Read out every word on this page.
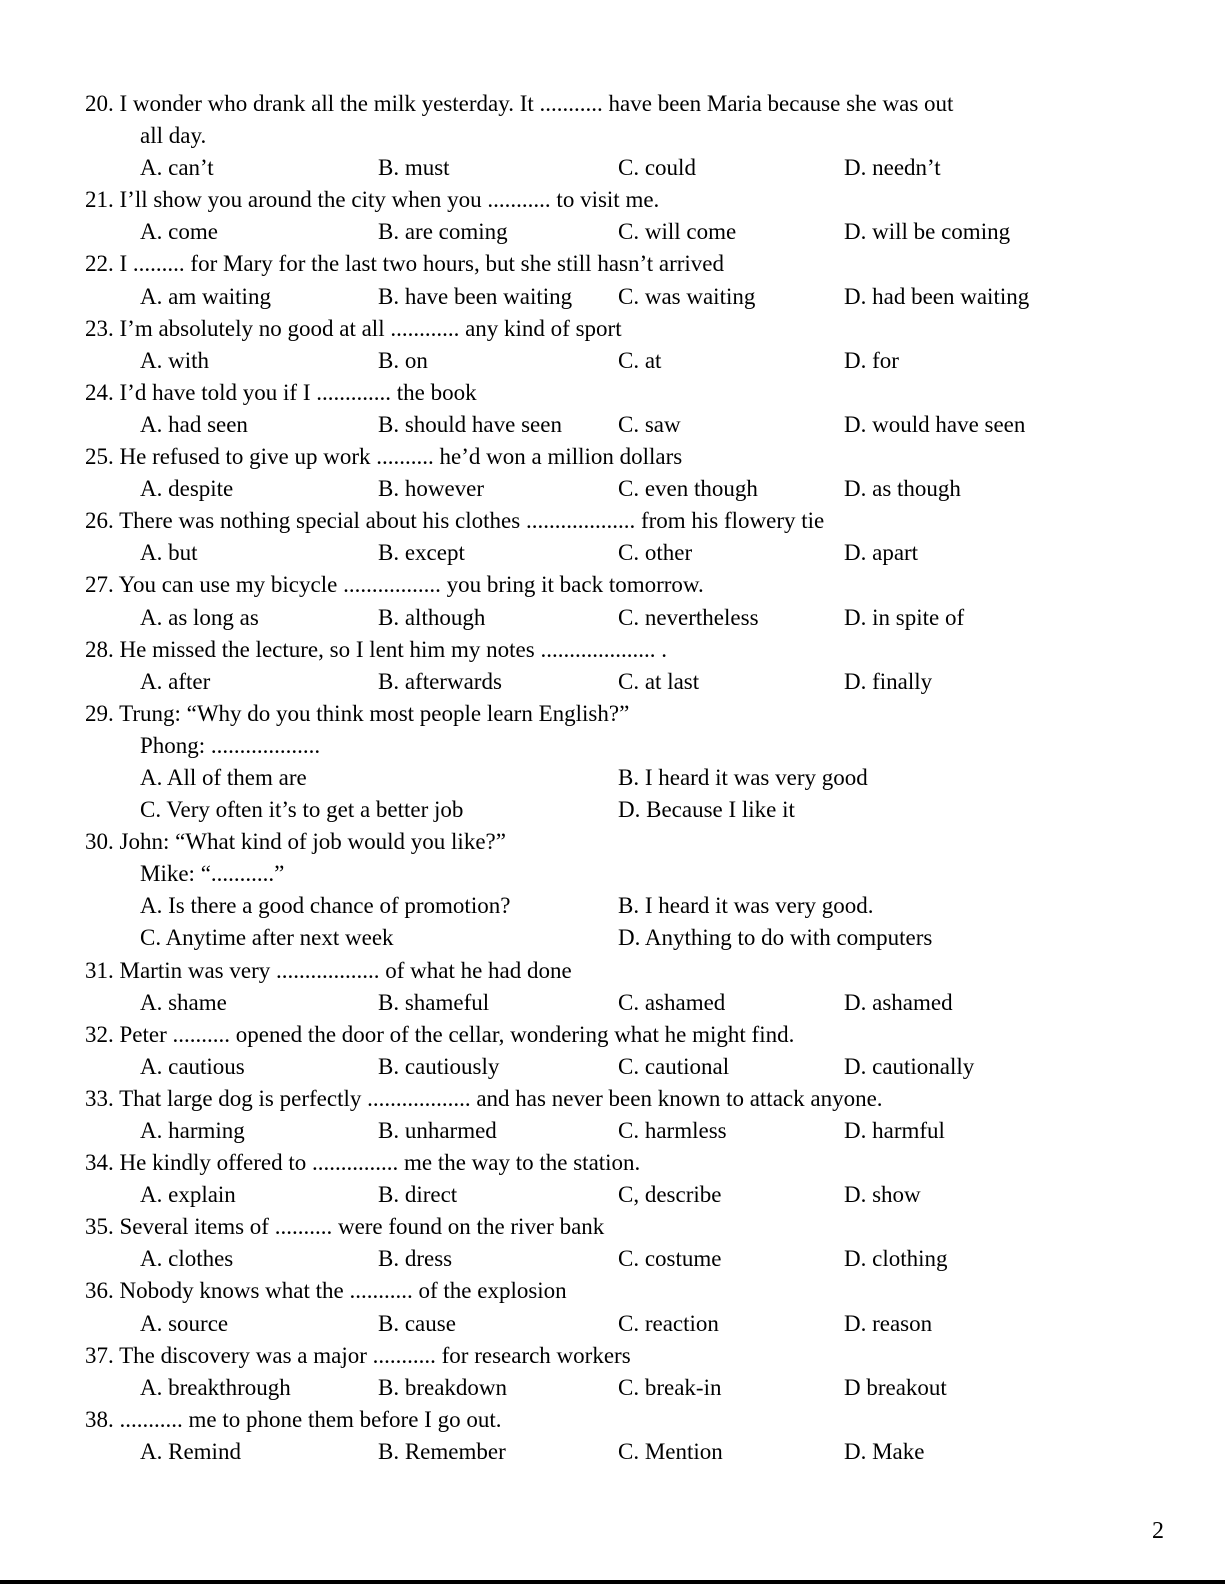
20. I wonder who drank all the milk yesterday. It ........... have been Maria because she was out
all day.
A. can’t	B. must	C. could	D. needn’t
21. I’ll show you around the city when you ........... to visit me.
A. come	B. are coming	C. will come	D. will be coming
22. I ......... for Mary for the last two hours, but she still hasn’t arrived
A. am waiting	B. have been waiting	C. was waiting	D. had been waiting
23. I’m absolutely no good at all ............ any kind of sport
A. with	B. on	C. at	D. for
24. I’d have told you if I ............. the book
A. had seen	B. should have seen	C. saw	D. would have seen
25. He refused to give up work .......... he’d won a million dollars
A. despite	B. however	C. even though	D. as though
26. There was nothing special about his clothes ................... from his flowery tie
A. but	B. except	C. other	D. apart
27. You can use my bicycle ................. you bring it back tomorrow.
A. as long as	B. although	C. nevertheless	D. in spite of
28. He missed the lecture, so I lent him my notes .................... .
A. after	B. afterwards	C. at last	D. finally
29. Trung: “Why do you think most people learn English?”
Phong: ...................
A. All of them are	B. I heard it was very good
C. Very often it’s to get a better job	D. Because I like it
30. John: “What kind of job would you like?”
Mike: “...........”
A. Is there a good chance of promotion?	B. I heard it was very good.
C. Anytime after next week	D. Anything to do with computers
31. Martin was very .................. of what he had done
A. shame	B. shameful	C. ashamed	D. ashamed
32. Peter .......... opened the door of the cellar, wondering what he might find.
A. cautious	B. cautiously	C. cautional	D. cautionally
33. That large dog is perfectly .................. and has never been known to attack anyone.
A. harming	B. unharmed	C. harmless	D. harmful
34. He kindly offered to ............... me the way to the station.
A. explain	B. direct	C, describe	D. show
35. Several items of .......... were found on the river bank
A. clothes	B. dress	C. costume	D. clothing
36. Nobody knows what the ........... of the explosion
A. source	B. cause	C. reaction	D. reason
37. The discovery was a major ........... for research workers
A. breakthrough	B. breakdown	C. break-in	D breakout
38. ........... me to phone them before I go out.
A. Remind	B. Remember	C. Mention	D. Make
2
